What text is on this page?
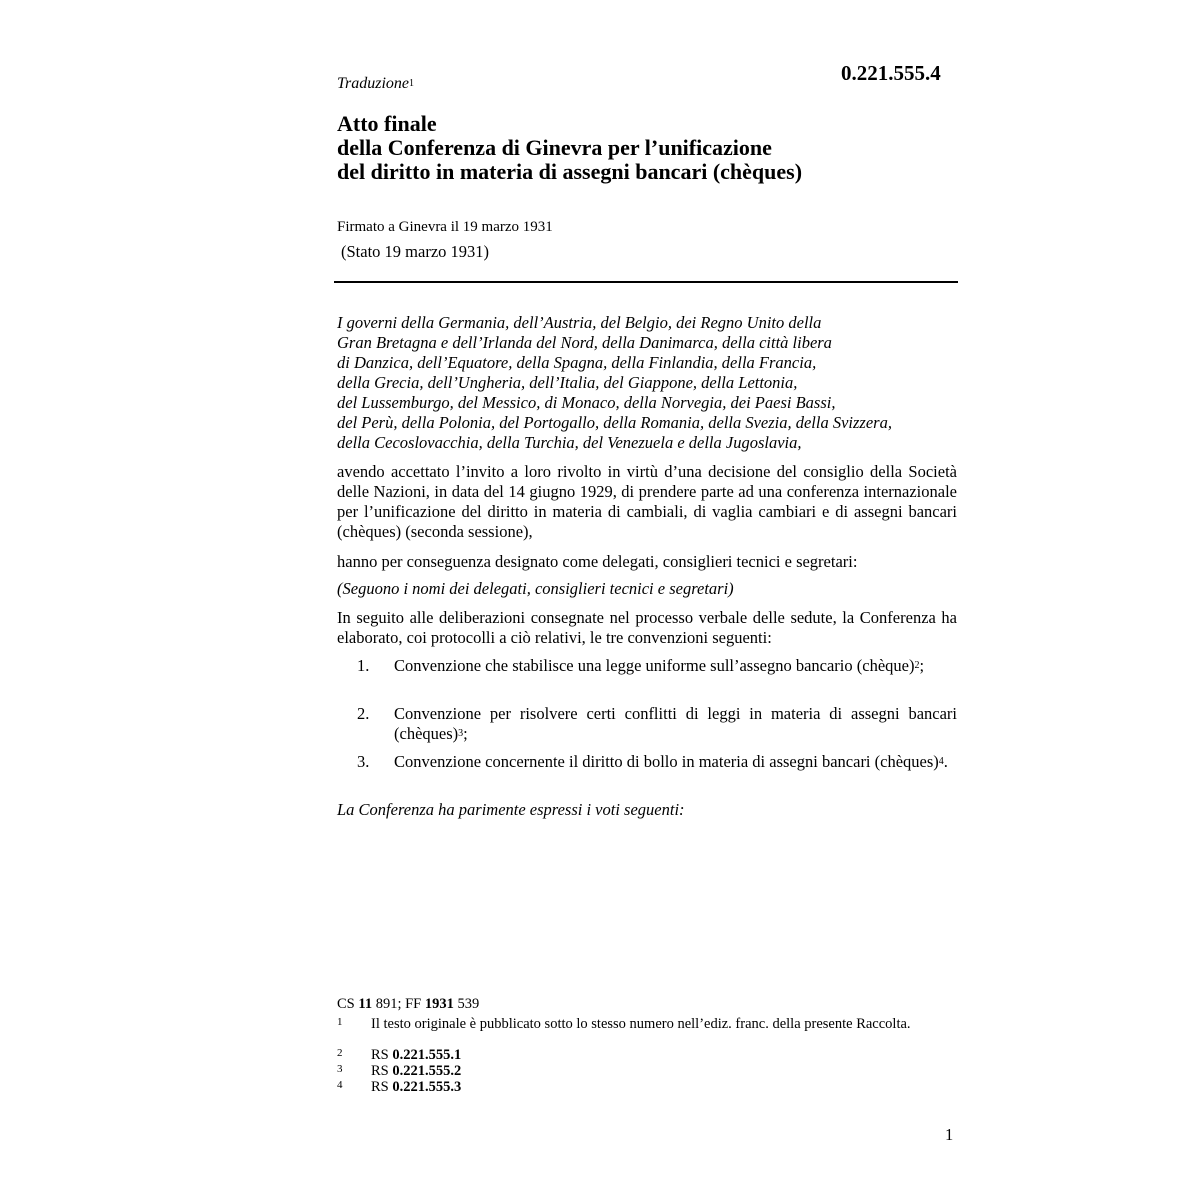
Traduzione$^1$	0.221.555.4
Atto finale
della Conferenza di Ginevra per l’unificazione
del diritto in materia di assegni bancari (chèques)
Firmato a Ginevra il 19 marzo 1931
(Stato 19 marzo 1931)
I governi della Germania, dell’Austria, del Belgio, dei Regno Unito della
Gran Bretagna e dell’Irlanda del Nord, della Danimarca, della città libera
di Danzica, dell’Equatore, della Spagna, della Finlandia, della Francia,
della Grecia, dell’Ungheria, dell’Italia, del Giappone, della Lettonia,
del Lussemburgo, del Messico, di Monaco, della Norvegia, dei Paesi Bassi,
del Perù, della Polonia, del Portogallo, della Romania, della Svezia, della Svizzera,
della Cecoslovacchia, della Turchia, del Venezuela e della Jugoslavia,
avendo accettato l’invito a loro rivolto in virtù d’una decisione del consiglio della Società delle Nazioni, in data del 14 giugno 1929, di prendere parte ad una conferenza internazionale per l’unificazione del diritto in materia di cambiali, di vaglia cambiari e di assegni bancari (chèques) (seconda sessione),
hanno per conseguenza designato come delegati, consiglieri tecnici e segretari:
(Seguono i nomi dei delegati, consiglieri tecnici e segretari)
In seguito alle deliberazioni consegnate nel processo verbale delle sedute, la Conferenza ha elaborato, coi protocolli a ciò relativi, le tre convenzioni seguenti:
1. Convenzione che stabilisce una legge uniforme sull’assegno bancario (chèque)$^2$;
2. Convenzione per risolvere certi conflitti di leggi in materia di assegni bancari (chèques)$^3$;
3. Convenzione concernente il diritto di bollo in materia di assegni bancari (chèques)$^4$.
La Conferenza ha parimente espressi i voti seguenti:
CS 11 891; FF 1931 539
1 Il testo originale è pubblicato sotto lo stesso numero nell’ediz. franc. della presente Raccolta.
2 RS 0.221.555.1
3 RS 0.221.555.2
4 RS 0.221.555.3
1
